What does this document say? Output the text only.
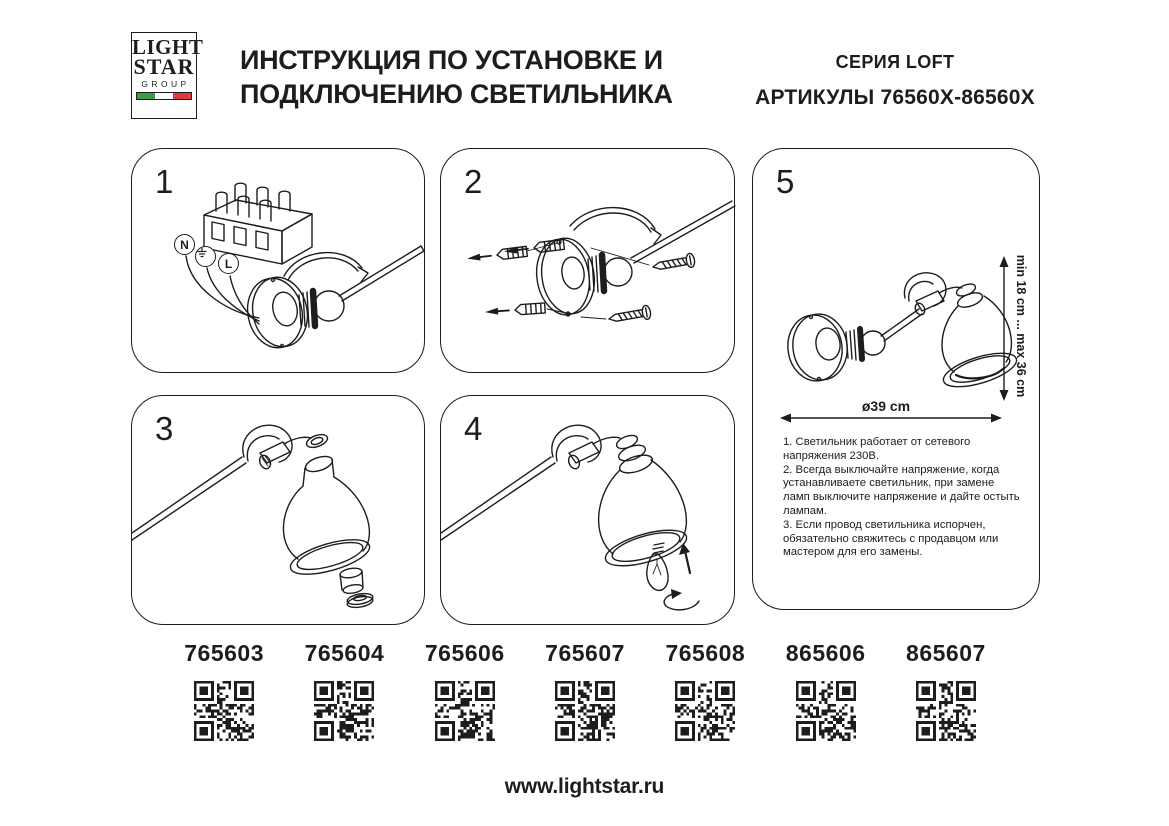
LIGHT
STAR
GROUP
ИНСТРУКЦИЯ ПО УСТАНОВКЕ И
ПОДКЛЮЧЕНИЮ СВЕТИЛЬНИКА
СЕРИЯ LOFT
АРТИКУЛЫ 76560X-86560X
1
N
L
2
3	4
5
ø39 cm
min 18 cm ... max 36 cm
1. Светильник работает от сетевого напряжения 230В.
2. Всегда выключайте напряжение, когда устанавливаете светильник, при замене ламп выключите напряжение и дайте остыть лампам.
3. Если провод светильника испорчен, обязательно свяжитесь с продавцом или мастером для его замены.
765603	765604	765606	765607	765608	865606	865607
www.lightstar.ru
